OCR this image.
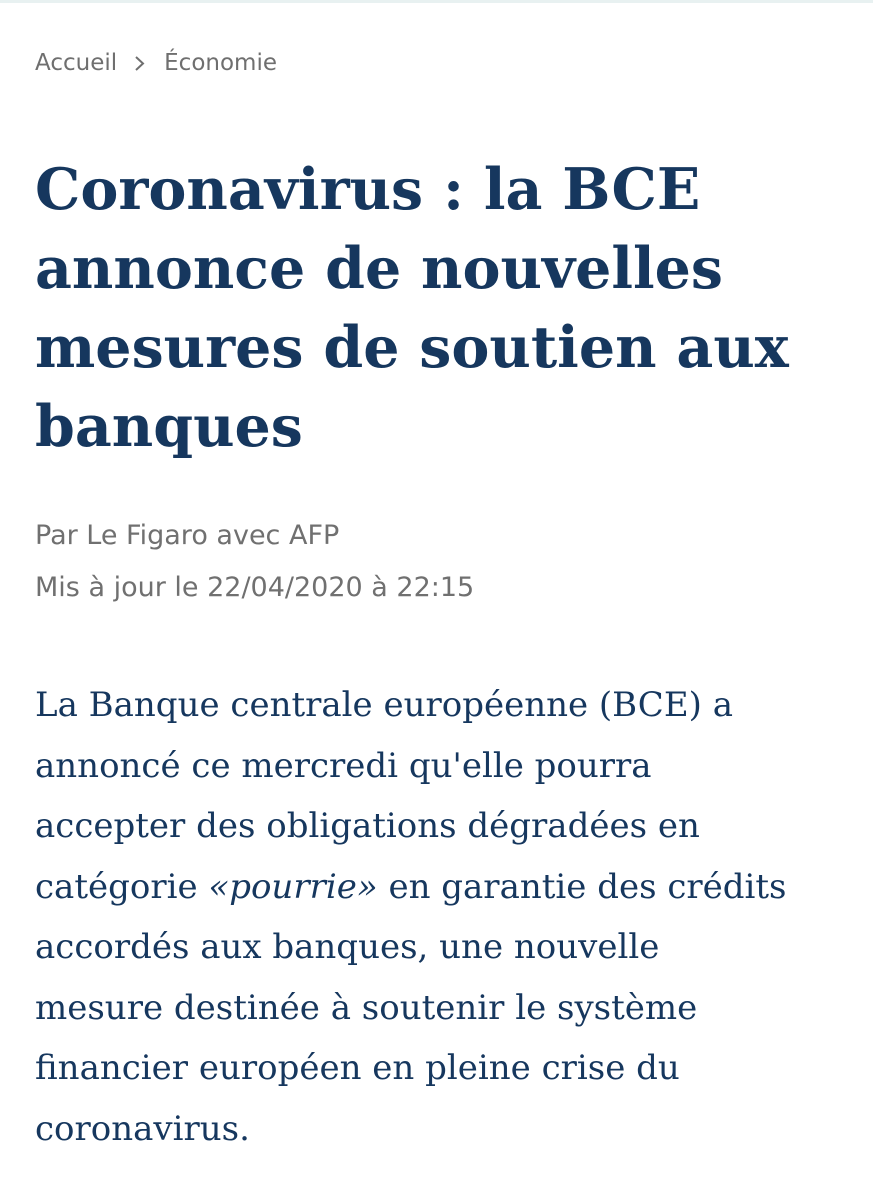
Accueil Économie
Coronavirus : la BCE
annonce de nouvelles
mesures de soutien aux
banques
Par Le Figaro avec AFP
Mis à jour le 22/04/2020 à 22:15

La Banque centrale européenne (BCE) a
annoncé ce mercredi qu'elle pourra
accepter des obligations dégradées en
catégorie «pourrie» en garantie des crédits
accordés aux banques, une nouvelle
mesure destinée à soutenir le système
financier européen en pleine crise du
coronavirus.
